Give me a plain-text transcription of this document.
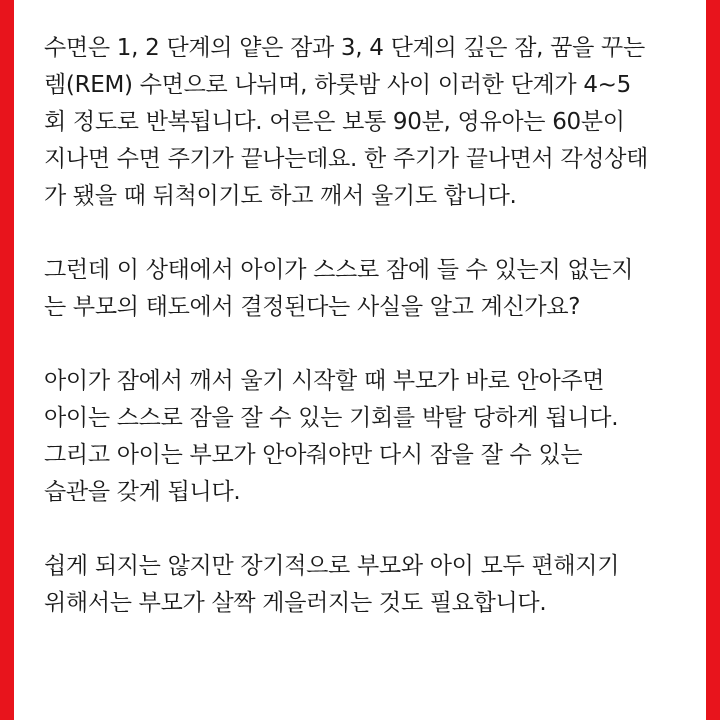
수면은 1, 2 단계의 얕은 잠과 3, 4 단계의 깊은 잠, 꿈을 꾸는
렘(REM) 수면으로 나뉘며, 하룻밤 사이 이러한 단계가 4~5
회 정도로 반복됩니다. 어른은 보통 90분, 영유아는 60분이
지나면 수면 주기가 끝나는데요. 한 주기가 끝나면서 각성상태
가 됐을 때 뒤척이기도 하고 깨서 울기도 합니다.

그런데 이 상태에서 아이가 스스로 잠에 들 수 있는지 없는지
는 부모의 태도에서 결정된다는 사실을 알고 계신가요?

아이가 잠에서 깨서 울기 시작할 때 부모가 바로 안아주면
아이는 스스로 잠을 잘 수 있는 기회를 박탈 당하게 됩니다.
그리고 아이는 부모가 안아줘야만 다시 잠을 잘 수 있는
습관을 갖게 됩니다.

쉽게 되지는 않지만 장기적으로 부모와 아이 모두 편해지기
위해서는 부모가 살짝 게을러지는 것도 필요합니다.
